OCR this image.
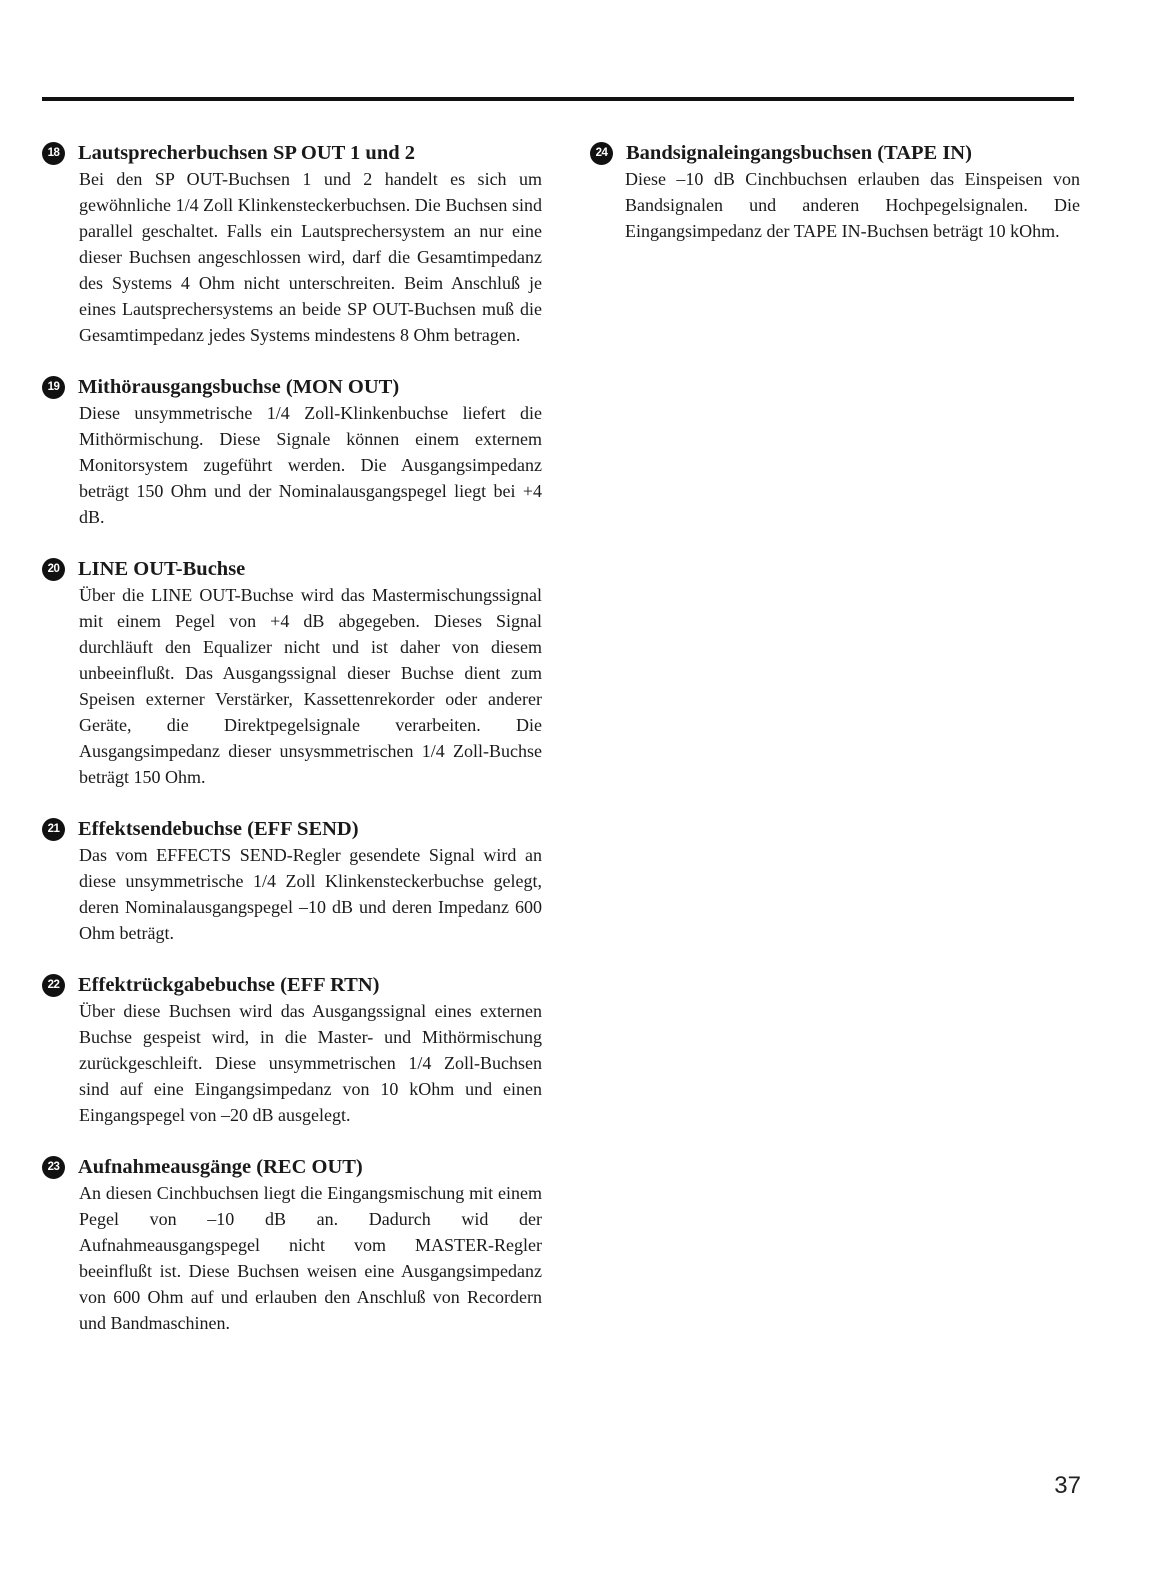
18 Lautsprecherbuchsen SP OUT 1 und 2

Bei den SP OUT-Buchsen 1 und 2 handelt es sich um gewöhnliche 1/4 Zoll Klinkensteckerbuchsen. Die Buchsen sind parallel geschaltet. Falls ein Lautsprechersystem an nur eine dieser Buchsen angeschlossen wird, darf die Gesamtimpedanz des Systems 4 Ohm nicht unterschreiten. Beim Anschluß je eines Lautsprechersystems an beide SP OUT-Buchsen muß die Gesamtimpedanz jedes Systems mindestens 8 Ohm betragen.

19 Mithörausgangsbuchse (MON OUT)

Diese unsymmetrische 1/4 Zoll-Klinkenbuchse liefert die Mithörmischung. Diese Signale können einem externem Monitorsystem zugeführt werden. Die Ausgangsimpedanz beträgt 150 Ohm und der Nominalausgangspegel liegt bei +4 dB.

20 LINE OUT-Buchse

Über die LINE OUT-Buchse wird das Mastermischungssignal mit einem Pegel von +4 dB abgegeben. Dieses Signal durchläuft den Equalizer nicht und ist daher von diesem unbeeinflußt. Das Ausgangssignal dieser Buchse dient zum Speisen externer Verstärker, Kassettenrekorder oder anderer Geräte, die Direktpegelsignale verarbeiten. Die Ausgangsimpedanz dieser unsysmmetrischen 1/4 Zoll-Buchse beträgt 150 Ohm.

21 Effektsendebuchse (EFF SEND)

Das vom EFFECTS SEND-Regler gesendete Signal wird an diese unsymmetrische 1/4 Zoll Klinkensteckerbuchse gelegt, deren Nominalausgangspegel –10 dB und deren Impedanz 600 Ohm beträgt.

22 Effektrückgabebuchse (EFF RTN)

Über diese Buchsen wird das Ausgangssignal eines externen Buchse gespeist wird, in die Master- und Mithörmischung zurückgeschleift. Diese unsymmetrischen 1/4 Zoll-Buchsen sind auf eine Eingangsimpedanz von 10 kOhm und einen Eingangspegel von –20 dB ausgelegt.

23 Aufnahmeausgänge (REC OUT)

An diesen Cinchbuchsen liegt die Eingangsmischung mit einem Pegel von –10 dB an. Dadurch wid der Aufnahmeausgangspegel nicht vom MASTER-Regler beeinflußt ist. Diese Buchsen weisen eine Ausgangsimpedanz von 600 Ohm auf und erlauben den Anschluß von Recordern und Bandmaschinen.

24 Bandsignaleingangsbuchsen (TAPE IN)

Diese –10 dB Cinchbuchsen erlauben das Einspeisen von Bandsignalen und anderen Hochpegelsignalen. Die Eingangsimpedanz der TAPE IN-Buchsen beträgt 10 kOhm.

37
